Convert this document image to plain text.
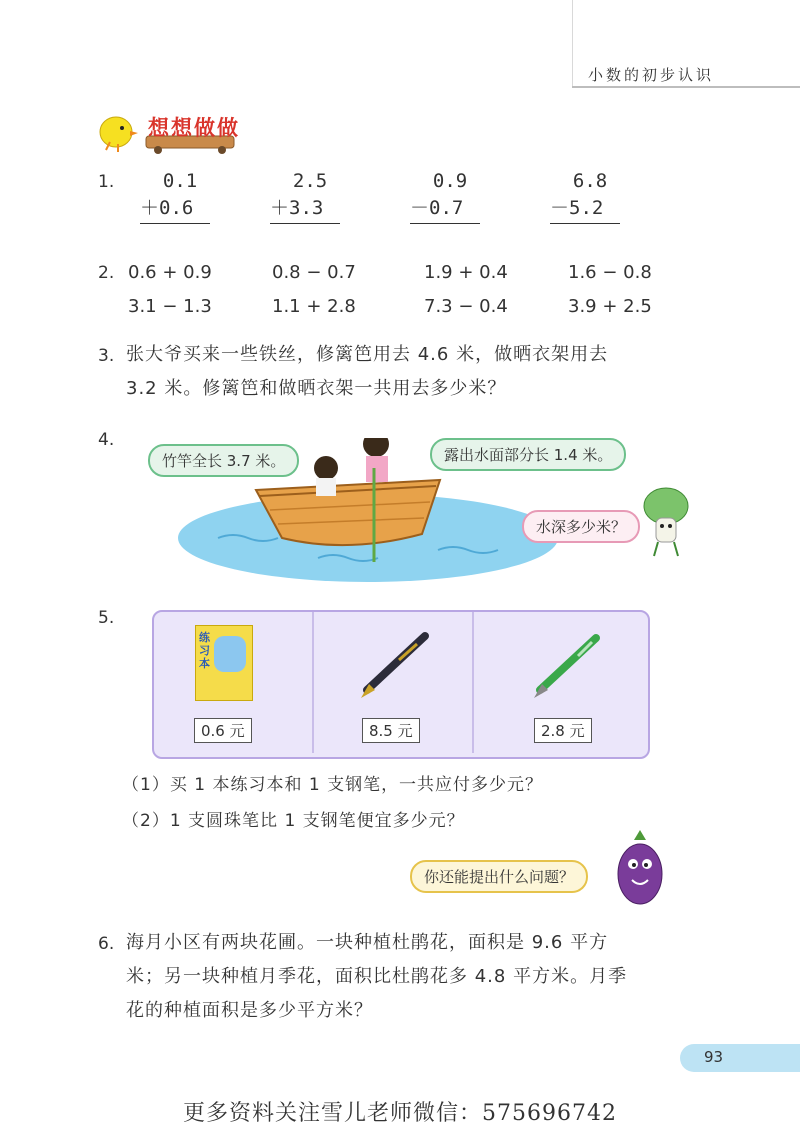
小数的初步认识
想想做做
1. 0.1
＋0.6
2.5
＋3.3
0.9
－0.7
6.8
－5.2
2. 0.6 + 0.9	0.8 − 0.7	1.9 + 0.4	1.6 − 0.8
3.1 − 1.3	1.1 + 2.8	7.3 − 0.4	3.9 + 2.5
3. 张大爷买来一些铁丝，修篱笆用去 4.6 米，做晒衣架用去
3.2 米。修篱笆和做晒衣架一共用去多少米？
4.
竹竿全长 3.7 米。	露出水面部分长 1.4 米。
水深多少米？
5.
练习本
0.6 元	8.5 元	2.8 元
（1）买 1 本练习本和 1 支钢笔，一共应付多少元？
（2）1 支圆珠笔比 1 支钢笔便宜多少元？
你还能提出什么问题？
6. 海月小区有两块花圃。一块种植杜鹃花，面积是 9.6 平方
米；另一块种植月季花，面积比杜鹃花多 4.8 平方米。月季
花的种植面积是多少平方米？
93
更多资料关注雪儿老师微信：575696742
